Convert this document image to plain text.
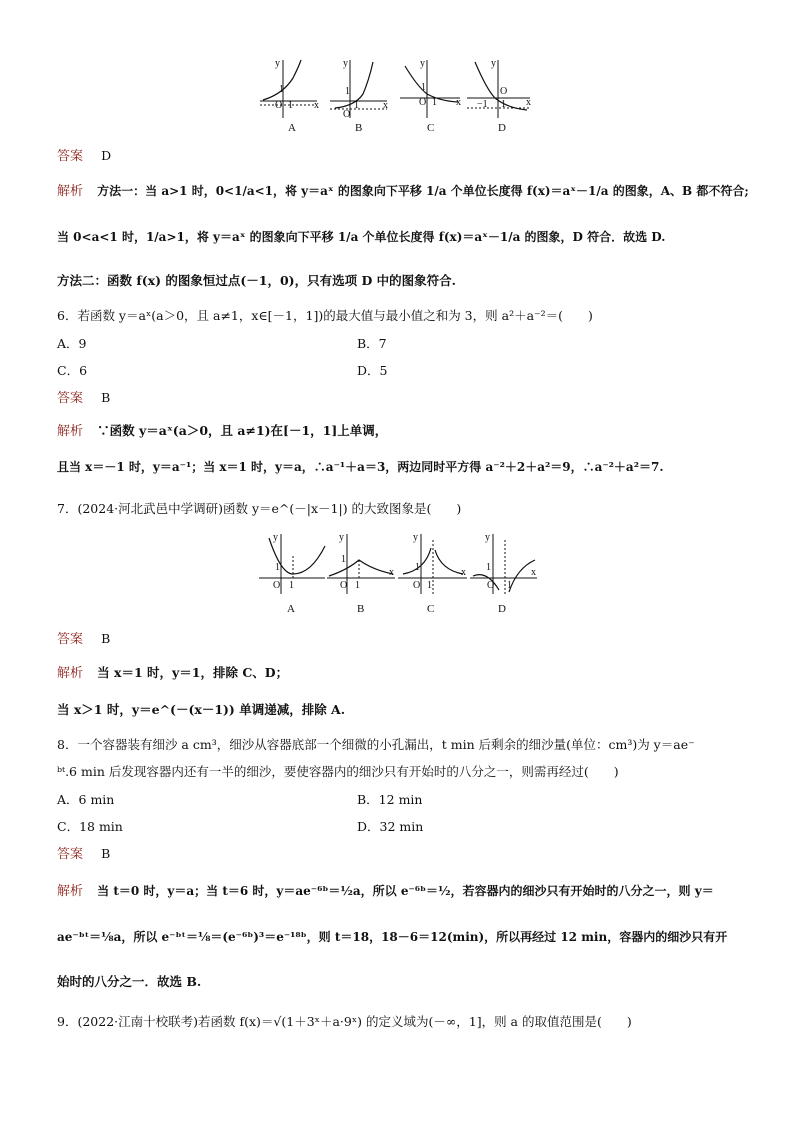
y
x
O 1
1
y
x
O
1
1
y
x
O 1
1
y
x
O
−1 1
A	B	C	D
答案 D
解析 方法一：当 a>1 时，0<1/a<1，将 y＝aˣ 的图象向下平移 1/a 个单位长度得 f(x)＝aˣ－1/a 的图象，A、B 都不符合;
当 0<a<1 时，1/a>1，将 y＝aˣ 的图象向下平移 1/a 个单位长度得 f(x)＝aˣ－1/a 的图象，D 符合．故选 D.
方法二：函数 f(x) 的图象恒过点(－1，0)，只有选项 D 中的图象符合.
6．若函数 y＝aˣ(a＞0，且 a≠1，x∈[－1，1])的最大值与最小值之和为 3，则 a²＋a⁻²＝(　　)
A．9	B．7
C．6	D．5
答案 B
解析 ∵函数 y＝aˣ(a＞0，且 a≠1)在[－1，1]上单调，
且当 x＝－1 时，y＝a⁻¹；当 x＝1 时，y＝a，∴a⁻¹＋a＝3，两边同时平方得 a⁻²＋2＋a²＝9，∴a⁻²＋a²＝7.
7．(2024·河北武邑中学调研)函数 y＝e^(－|x－1|) 的大致图象是(　　)
y
O 1
1
y
O 1
1
x
y
O 1
1	x
y
O 1
1	x
A	B	C	D
答案 B
解析 当 x＝1 时，y＝1，排除 C、D；
当 x＞1 时，y＝e^(－(x－1)) 单调递减，排除 A.
8．一个容器装有细沙 a cm³，细沙从容器底部一个细微的小孔漏出，t min 后剩余的细沙量(单位：cm³)为 y＝ae⁻
ᵇᵗ.6 min 后发现容器内还有一半的细沙，要使容器内的细沙只有开始时的八分之一，则需再经过(　　)
A．6 min	B．12 min
C．18 min	D．32 min
答案 B
解析 当 t＝0 时，y＝a；当 t＝6 时，y＝ae⁻⁶ᵇ＝½a，所以 e⁻⁶ᵇ＝½，若容器内的细沙只有开始时的八分之一，则 y＝
ae⁻ᵇᵗ＝⅛a，所以 e⁻ᵇᵗ＝⅛＝(e⁻⁶ᵇ)³＝e⁻¹⁸ᵇ，则 t＝18，18－6＝12(min)，所以再经过 12 min，容器内的细沙只有开
始时的八分之一．故选 B.
9．(2022·江南十校联考)若函数 f(x)＝√(1＋3ˣ＋a·9ˣ) 的定义域为(－∞，1]，则 a 的取值范围是(　　)
